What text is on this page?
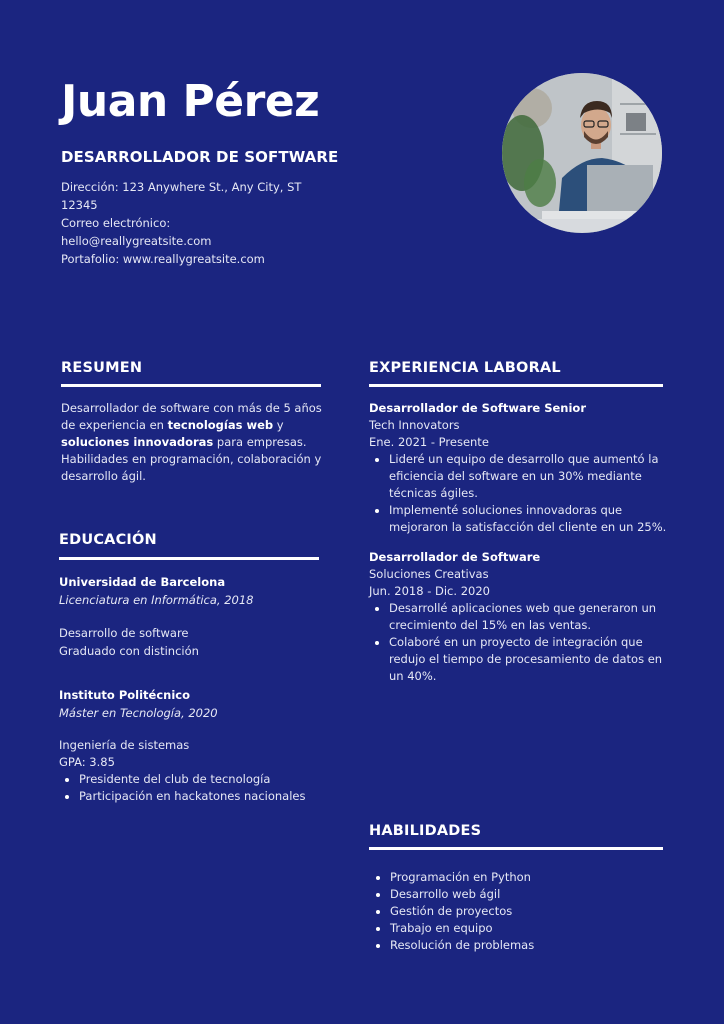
Juan Pérez
DESARROLLADOR DE SOFTWARE
Dirección: 123 Anywhere St., Any City, ST 12345
Correo electrónico: hello@reallygreatsite.com
Portafolio: www.reallygreatsite.com
RESUMEN

Desarrollador de software con más de 5 años de experiencia en tecnologías web y soluciones innovadoras para empresas. Habilidades en programación, colaboración y desarrollo ágil.

EDUCACIÓN
Universidad de Barcelona
Licenciatura en Informática, 2018
Desarrollo de software
Graduado con distinción
Instituto Politécnico
Máster en Tecnología, 2020
Ingeniería de sistemas
GPA: 3.85
Presidente del club de tecnología
Participación en hackatones nacionales
EXPERIENCIA LABORAL
Desarrollador de Software Senior
Tech Innovators
Ene. 2021 - Presente
Lideré un equipo de desarrollo que aumentó la eficiencia del software en un 30% mediante técnicas ágiles.
Implementé soluciones innovadoras que mejoraron la satisfacción del cliente en un 25%.
Desarrollador de Software
Soluciones Creativas
Jun. 2018 - Dic. 2020
Desarrollé aplicaciones web que generaron un crecimiento del 15% en las ventas.
Colaboré en un proyecto de integración que redujo el tiempo de procesamiento de datos en un 40%.
HABILIDADES
Programación en Python
Desarrollo web ágil
Gestión de proyectos
Trabajo en equipo
Resolución de problemas
